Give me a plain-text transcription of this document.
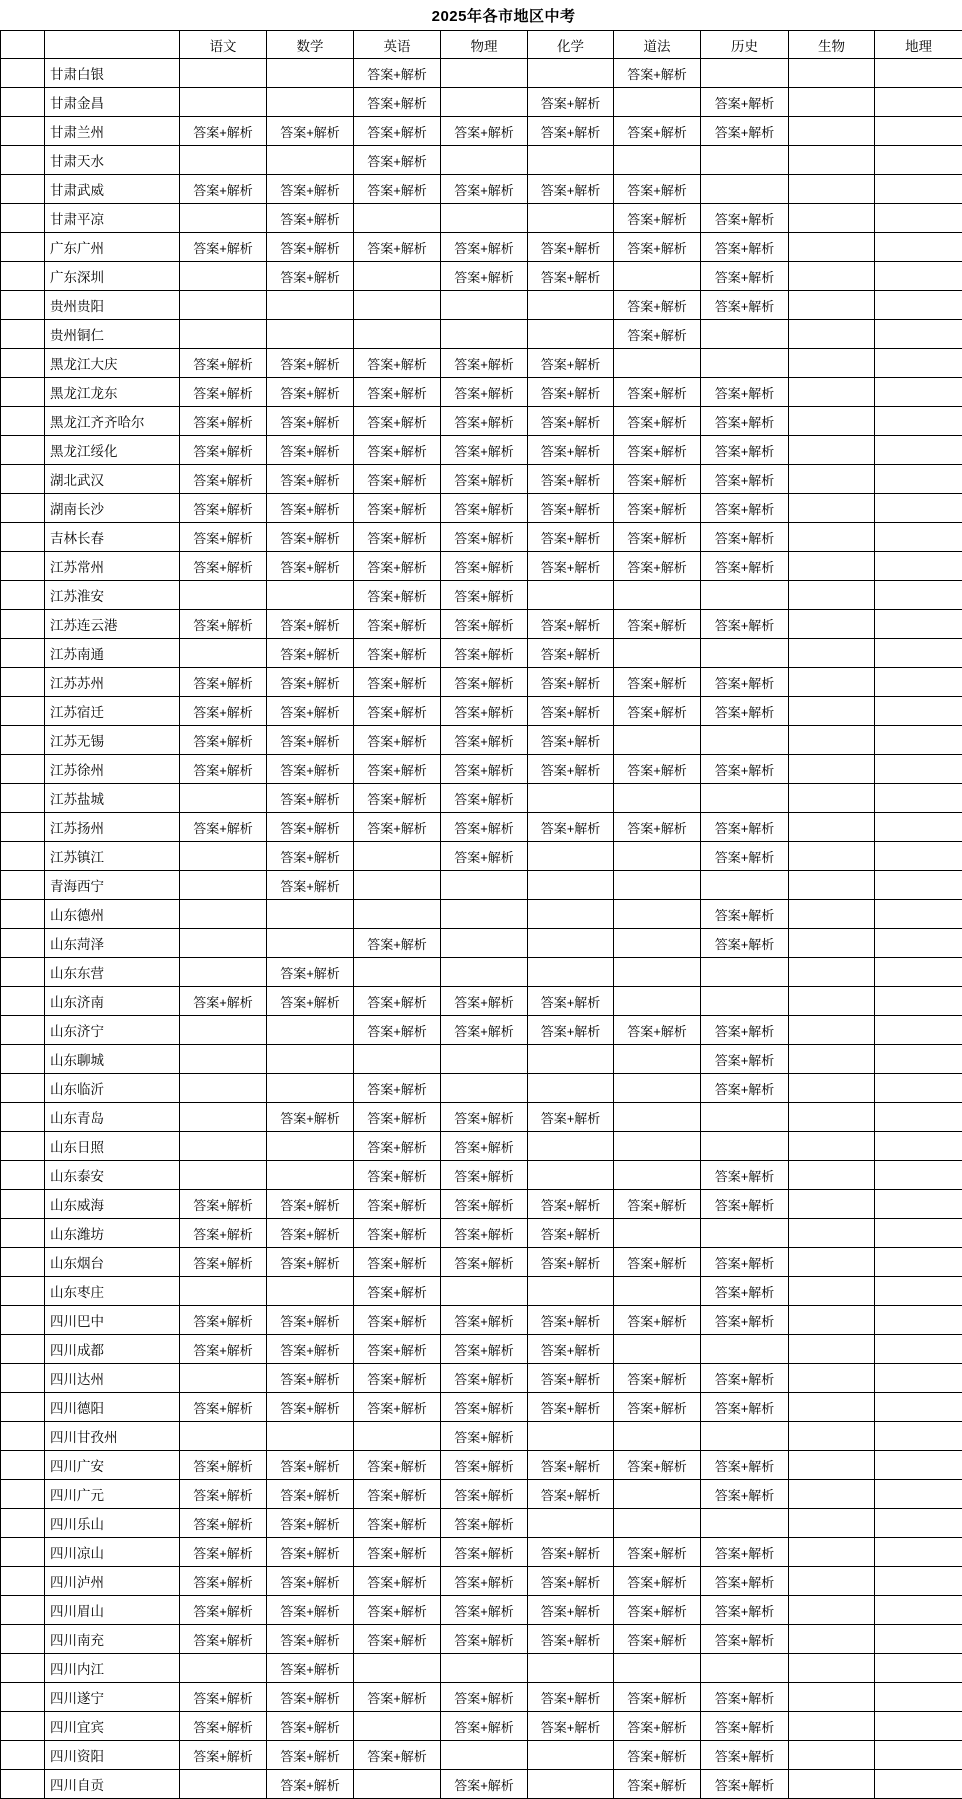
	2025年各市地区中考									
		语文	数学	英语	物理	化学	道法	历史	生物	地理
	甘肃白银			答案+解析			答案+解析			
	甘肃金昌			答案+解析		答案+解析		答案+解析		
	甘肃兰州	答案+解析	答案+解析	答案+解析	答案+解析	答案+解析	答案+解析	答案+解析		
	甘肃天水			答案+解析						
	甘肃武威	答案+解析	答案+解析	答案+解析	答案+解析	答案+解析	答案+解析			
	甘肃平凉		答案+解析				答案+解析	答案+解析		
	广东广州	答案+解析	答案+解析	答案+解析	答案+解析	答案+解析	答案+解析	答案+解析		
	广东深圳		答案+解析		答案+解析	答案+解析		答案+解析		
	贵州贵阳						答案+解析	答案+解析		
	贵州铜仁						答案+解析			
	黑龙江大庆	答案+解析	答案+解析	答案+解析	答案+解析	答案+解析				
	黑龙江龙东	答案+解析	答案+解析	答案+解析	答案+解析	答案+解析	答案+解析	答案+解析		
	黑龙江齐齐哈尔	答案+解析	答案+解析	答案+解析	答案+解析	答案+解析	答案+解析	答案+解析		
	黑龙江绥化	答案+解析	答案+解析	答案+解析	答案+解析	答案+解析	答案+解析	答案+解析		
	湖北武汉	答案+解析	答案+解析	答案+解析	答案+解析	答案+解析	答案+解析	答案+解析		
	湖南长沙	答案+解析	答案+解析	答案+解析	答案+解析	答案+解析	答案+解析	答案+解析		
	吉林长春	答案+解析	答案+解析	答案+解析	答案+解析	答案+解析	答案+解析	答案+解析		
	江苏常州	答案+解析	答案+解析	答案+解析	答案+解析	答案+解析	答案+解析	答案+解析		
	江苏淮安			答案+解析	答案+解析					
	江苏连云港	答案+解析	答案+解析	答案+解析	答案+解析	答案+解析	答案+解析	答案+解析		
	江苏南通		答案+解析	答案+解析	答案+解析	答案+解析				
	江苏苏州	答案+解析	答案+解析	答案+解析	答案+解析	答案+解析	答案+解析	答案+解析		
	江苏宿迁	答案+解析	答案+解析	答案+解析	答案+解析	答案+解析	答案+解析	答案+解析		
	江苏无锡	答案+解析	答案+解析	答案+解析	答案+解析	答案+解析				
	江苏徐州	答案+解析	答案+解析	答案+解析	答案+解析	答案+解析	答案+解析	答案+解析		
	江苏盐城		答案+解析	答案+解析	答案+解析					
	江苏扬州	答案+解析	答案+解析	答案+解析	答案+解析	答案+解析	答案+解析	答案+解析		
	江苏镇江		答案+解析		答案+解析			答案+解析		
	青海西宁		答案+解析							
	山东德州							答案+解析		
	山东菏泽			答案+解析				答案+解析		
	山东东营		答案+解析							
	山东济南	答案+解析	答案+解析	答案+解析	答案+解析	答案+解析				
	山东济宁			答案+解析	答案+解析	答案+解析	答案+解析	答案+解析		
	山东聊城							答案+解析		
	山东临沂			答案+解析				答案+解析		
	山东青岛		答案+解析	答案+解析	答案+解析	答案+解析				
	山东日照			答案+解析	答案+解析					
	山东泰安			答案+解析	答案+解析			答案+解析		
	山东威海	答案+解析	答案+解析	答案+解析	答案+解析	答案+解析	答案+解析	答案+解析		
	山东潍坊	答案+解析	答案+解析	答案+解析	答案+解析	答案+解析				
	山东烟台	答案+解析	答案+解析	答案+解析	答案+解析	答案+解析	答案+解析	答案+解析		
	山东枣庄			答案+解析				答案+解析		
	四川巴中	答案+解析	答案+解析	答案+解析	答案+解析	答案+解析	答案+解析	答案+解析		
	四川成都	答案+解析	答案+解析	答案+解析	答案+解析	答案+解析				
	四川达州		答案+解析	答案+解析	答案+解析	答案+解析	答案+解析	答案+解析		
	四川德阳	答案+解析	答案+解析	答案+解析	答案+解析	答案+解析	答案+解析	答案+解析		
	四川甘孜州				答案+解析					
	四川广安	答案+解析	答案+解析	答案+解析	答案+解析	答案+解析	答案+解析	答案+解析		
	四川广元	答案+解析	答案+解析	答案+解析	答案+解析	答案+解析		答案+解析		
	四川乐山	答案+解析	答案+解析	答案+解析	答案+解析					
	四川凉山	答案+解析	答案+解析	答案+解析	答案+解析	答案+解析	答案+解析	答案+解析		
	四川泸州	答案+解析	答案+解析	答案+解析	答案+解析	答案+解析	答案+解析	答案+解析		
	四川眉山	答案+解析	答案+解析	答案+解析	答案+解析	答案+解析	答案+解析	答案+解析		
	四川南充	答案+解析	答案+解析	答案+解析	答案+解析	答案+解析	答案+解析	答案+解析		
	四川内江		答案+解析							
	四川遂宁	答案+解析	答案+解析	答案+解析	答案+解析	答案+解析	答案+解析	答案+解析		
	四川宜宾	答案+解析	答案+解析		答案+解析	答案+解析	答案+解析	答案+解析		
	四川资阳	答案+解析	答案+解析	答案+解析			答案+解析	答案+解析		
	四川自贡		答案+解析		答案+解析		答案+解析	答案+解析		
